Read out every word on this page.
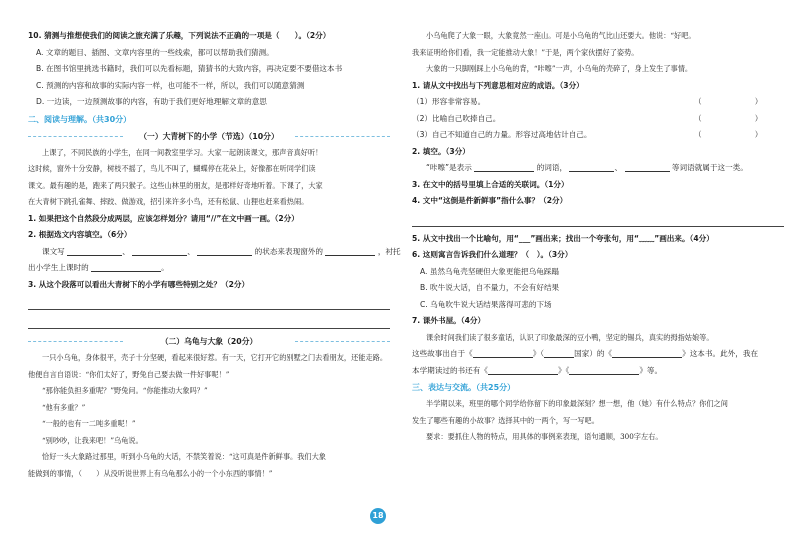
10. 猜测与推想使我们的阅读之旅充满了乐趣，下列说法不正确的一项是（　　）。（2分）
A. 文章的题目、插图、文章内容里的一些线索，都可以帮助我们猜测。
B. 在图书馆里挑选书籍时，我们可以先看标题，猜猜书的大致内容，再决定要不要借这本书
C. 预测的内容和故事的实际内容一样，也可能不一样，所以，我们可以随意猜测
D. 一边读，一边预测故事的内容，有助于我们更好地理解文章的意思
二、阅读与理解。（共30分）
（一）大青树下的小学（节选）（10分）
上课了，不同民族的小学生，在同一间教室里学习。大家一起朗读课文，那声音真好听！
这时候，窗外十分安静，树枝不摇了，鸟儿不叫了，蝴蝶停在花朵上，好像都在听同学们读
课文。最有趣的是，跑来了两只猴子。这些山林里的朋友，是那样好奇地听着。下课了，大家
在大青树下跳孔雀舞、摔跤、做游戏，招引来许多小鸟，还有松鼠、山狸也赶来看热闹。
1. 如果把这个自然段分成两层，应该怎样划分？请用“//”在文中画一画。（2分）
2. 根据选文内容填空。（6分）
课文写	、	、	的状态来表现窗外的	，衬托
出小学生上课时的	。
3. 从这个段落可以看出大青树下的小学有哪些特别之处？（2分）
（二）乌龟与大象（20分）
一只小乌龟，身体很平，壳子十分坚硬，看起来很好惹。有一天，它打开它的别墅之门去看朋友，还能走路。
他便自言自语说：“你们太好了，野兔自己要去做一件好事呢！”
“那你能负担多重呢？”野兔问。“你能推动大象吗？”
“他有多重？”
“一般的也有一二吨多重呢！”
“别吵吵，让我来吧！”乌龟说。
恰好一头大象路过那里，听到小乌龟的大话，不禁笑着说：“这可真是件新鲜事。我们大象
能做到的事情，（　　）从没听说世界上有乌龟那么小的一个小东西的事情！”
小乌龟爬了大象一眼，大象竟然一座山。可是小乌龟的气比山还要大。他说：“好吧。
我来证明给你们看，我一定能推动大象！”于是，两个家伙摆好了姿势。
大象的一只脚刚踩上小乌龟的背，“咔嚓”一声，小乌龟的壳碎了，身上发生了事情。
1. 请从文中找出与下列意思相对应的成语。（3分）
（1）形容非常容易。	（　　　　　　　）
（2）比喻自己吹捧自己。	（　　　　　　　）
（3）自己不知道自己的力量。形容过高地估计自己。	（　　　　　　　）
2. 填空。（3分）
“咔嚓”是表示	的词语，	、	等词语就属于这一类。
3. 在文中的括号里填上合适的关联词。（1分）
4. 文中“这倒是件新鲜事”指什么事？（2分）
5. 从文中找出一个比喻句，用“___”画出来；找出一个夸张句，用“﹏﹏”画出来。（4分）
6. 这则寓言告诉我们什么道理？（　）。（3分）
A. 虽然乌龟壳坚硬但大象更能把乌龟踩蹋
B. 吹牛说大话，自不量力，不会有好结果
C. 乌龟吹牛说大话结果落得可悲的下场
7. 课外书屋。（4分）
课余时间我们读了很多童话，认识了印象最深的豆小鸭，坚定的锡兵，真实的拇指姑娘等。
这些故事出自于《	》（	国家）的《	》这本书。此外，我在
本学期读过的书还有《	》《	》等。
三、表达与交流。（共25分）
半学期以来，班里的哪个同学给你留下的印象最深刻？想一想，他（她）有什么特点？你们之间
发生了哪些有趣的小故事？选择其中的一两个，写一写吧。
要求：要抓住人物的特点，用具体的事例来表现，语句通顺，300字左右。
18
